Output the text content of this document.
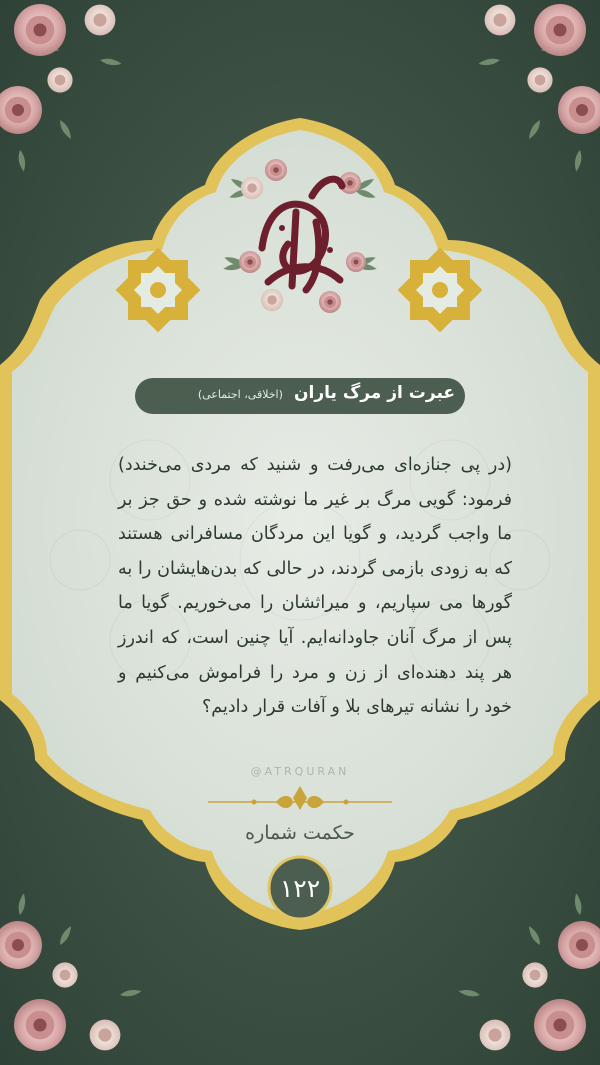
عبرت از مرگ یاران (اخلاقی، اجتماعی)
(در پی جنازه‌ای می‌رفت و شنید که مردی می‌خندد) فرمود: گویی مرگ بر غیر ما نوشته شده و حق جز بر ما واجب گردید، و گویا این مردگان مسافرانی هستند که به زودی بازمی گردند، در حالی که بدن‌هایشان را به گورها می سپاریم، و میراثشان را می‌خوریم. گویا ما پس از مرگ آنان جاودانه‌ایم. آیا چنین است، که اندرز هر پند دهنده‌ای از زن و مرد را فراموش می‌کنیم و خود را نشانه تیرهای بلا و آفات قرار دادیم؟
@ATRQURAN
حکمت شماره
۱۲۲
